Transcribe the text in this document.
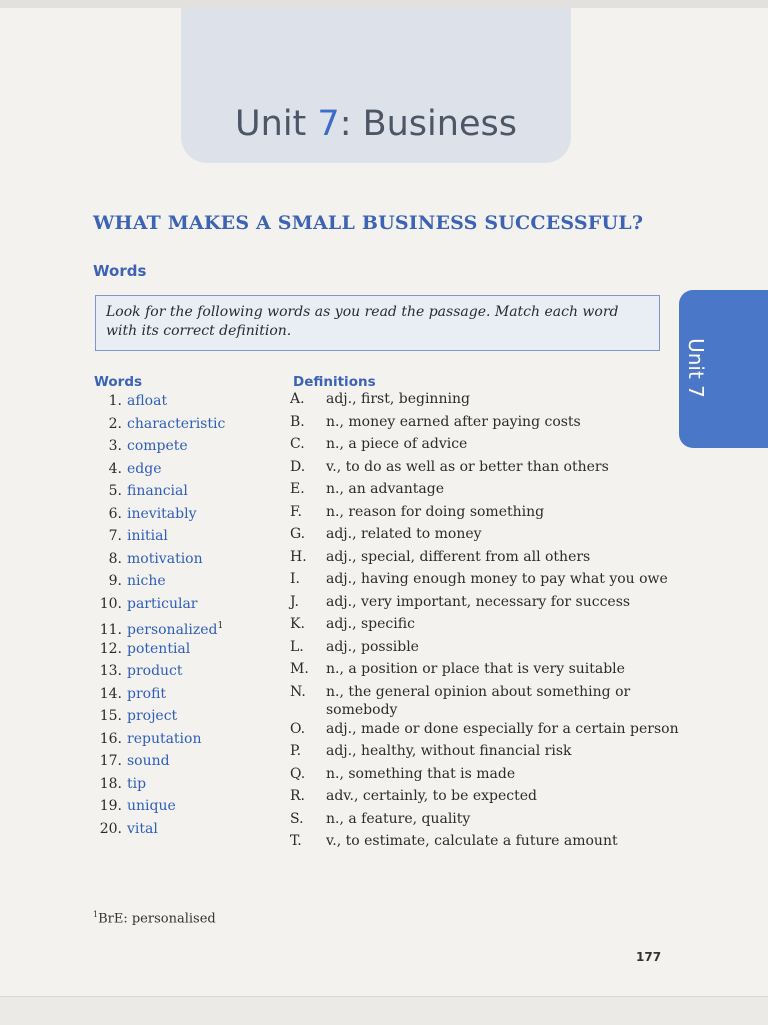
Unit 7: Business
WHAT MAKES A SMALL BUSINESS SUCCESSFUL?
Words
Look for the following words as you read the passage. Match each word with its correct definition.
Unit 7
Words	Definitions
1. afloat
2. characteristic
3. compete
4. edge
5. financial
6. inevitably
7. initial
8. motivation
9. niche
10. particular
11. personalized$^1$
12. potential
13. product
14. profit
15. project
16. reputation
17. sound
18. tip
19. unique
20. vital
A.	adj., first, beginning
B.	n., money earned after paying costs
C.	n., a piece of advice
D.	v., to do as well as or better than others
E.	n., an advantage
F.	n., reason for doing something
G.	adj., related to money
H.	adj., special, different from all others
I.	adj., having enough money to pay what you owe
J.	adj., very important, necessary for success
K.	adj., specific
L.	adj., possible
M.	n., a position or place that is very suitable
N.	n., the general opinion about something or somebody
O.	adj., made or done especially for a certain person
P.	adj., healthy, without financial risk
Q.	n., something that is made
R.	adv., certainly, to be expected
S.	n., a feature, quality
T.	v., to estimate, calculate a future amount
$^1$BrE: personalised
177
